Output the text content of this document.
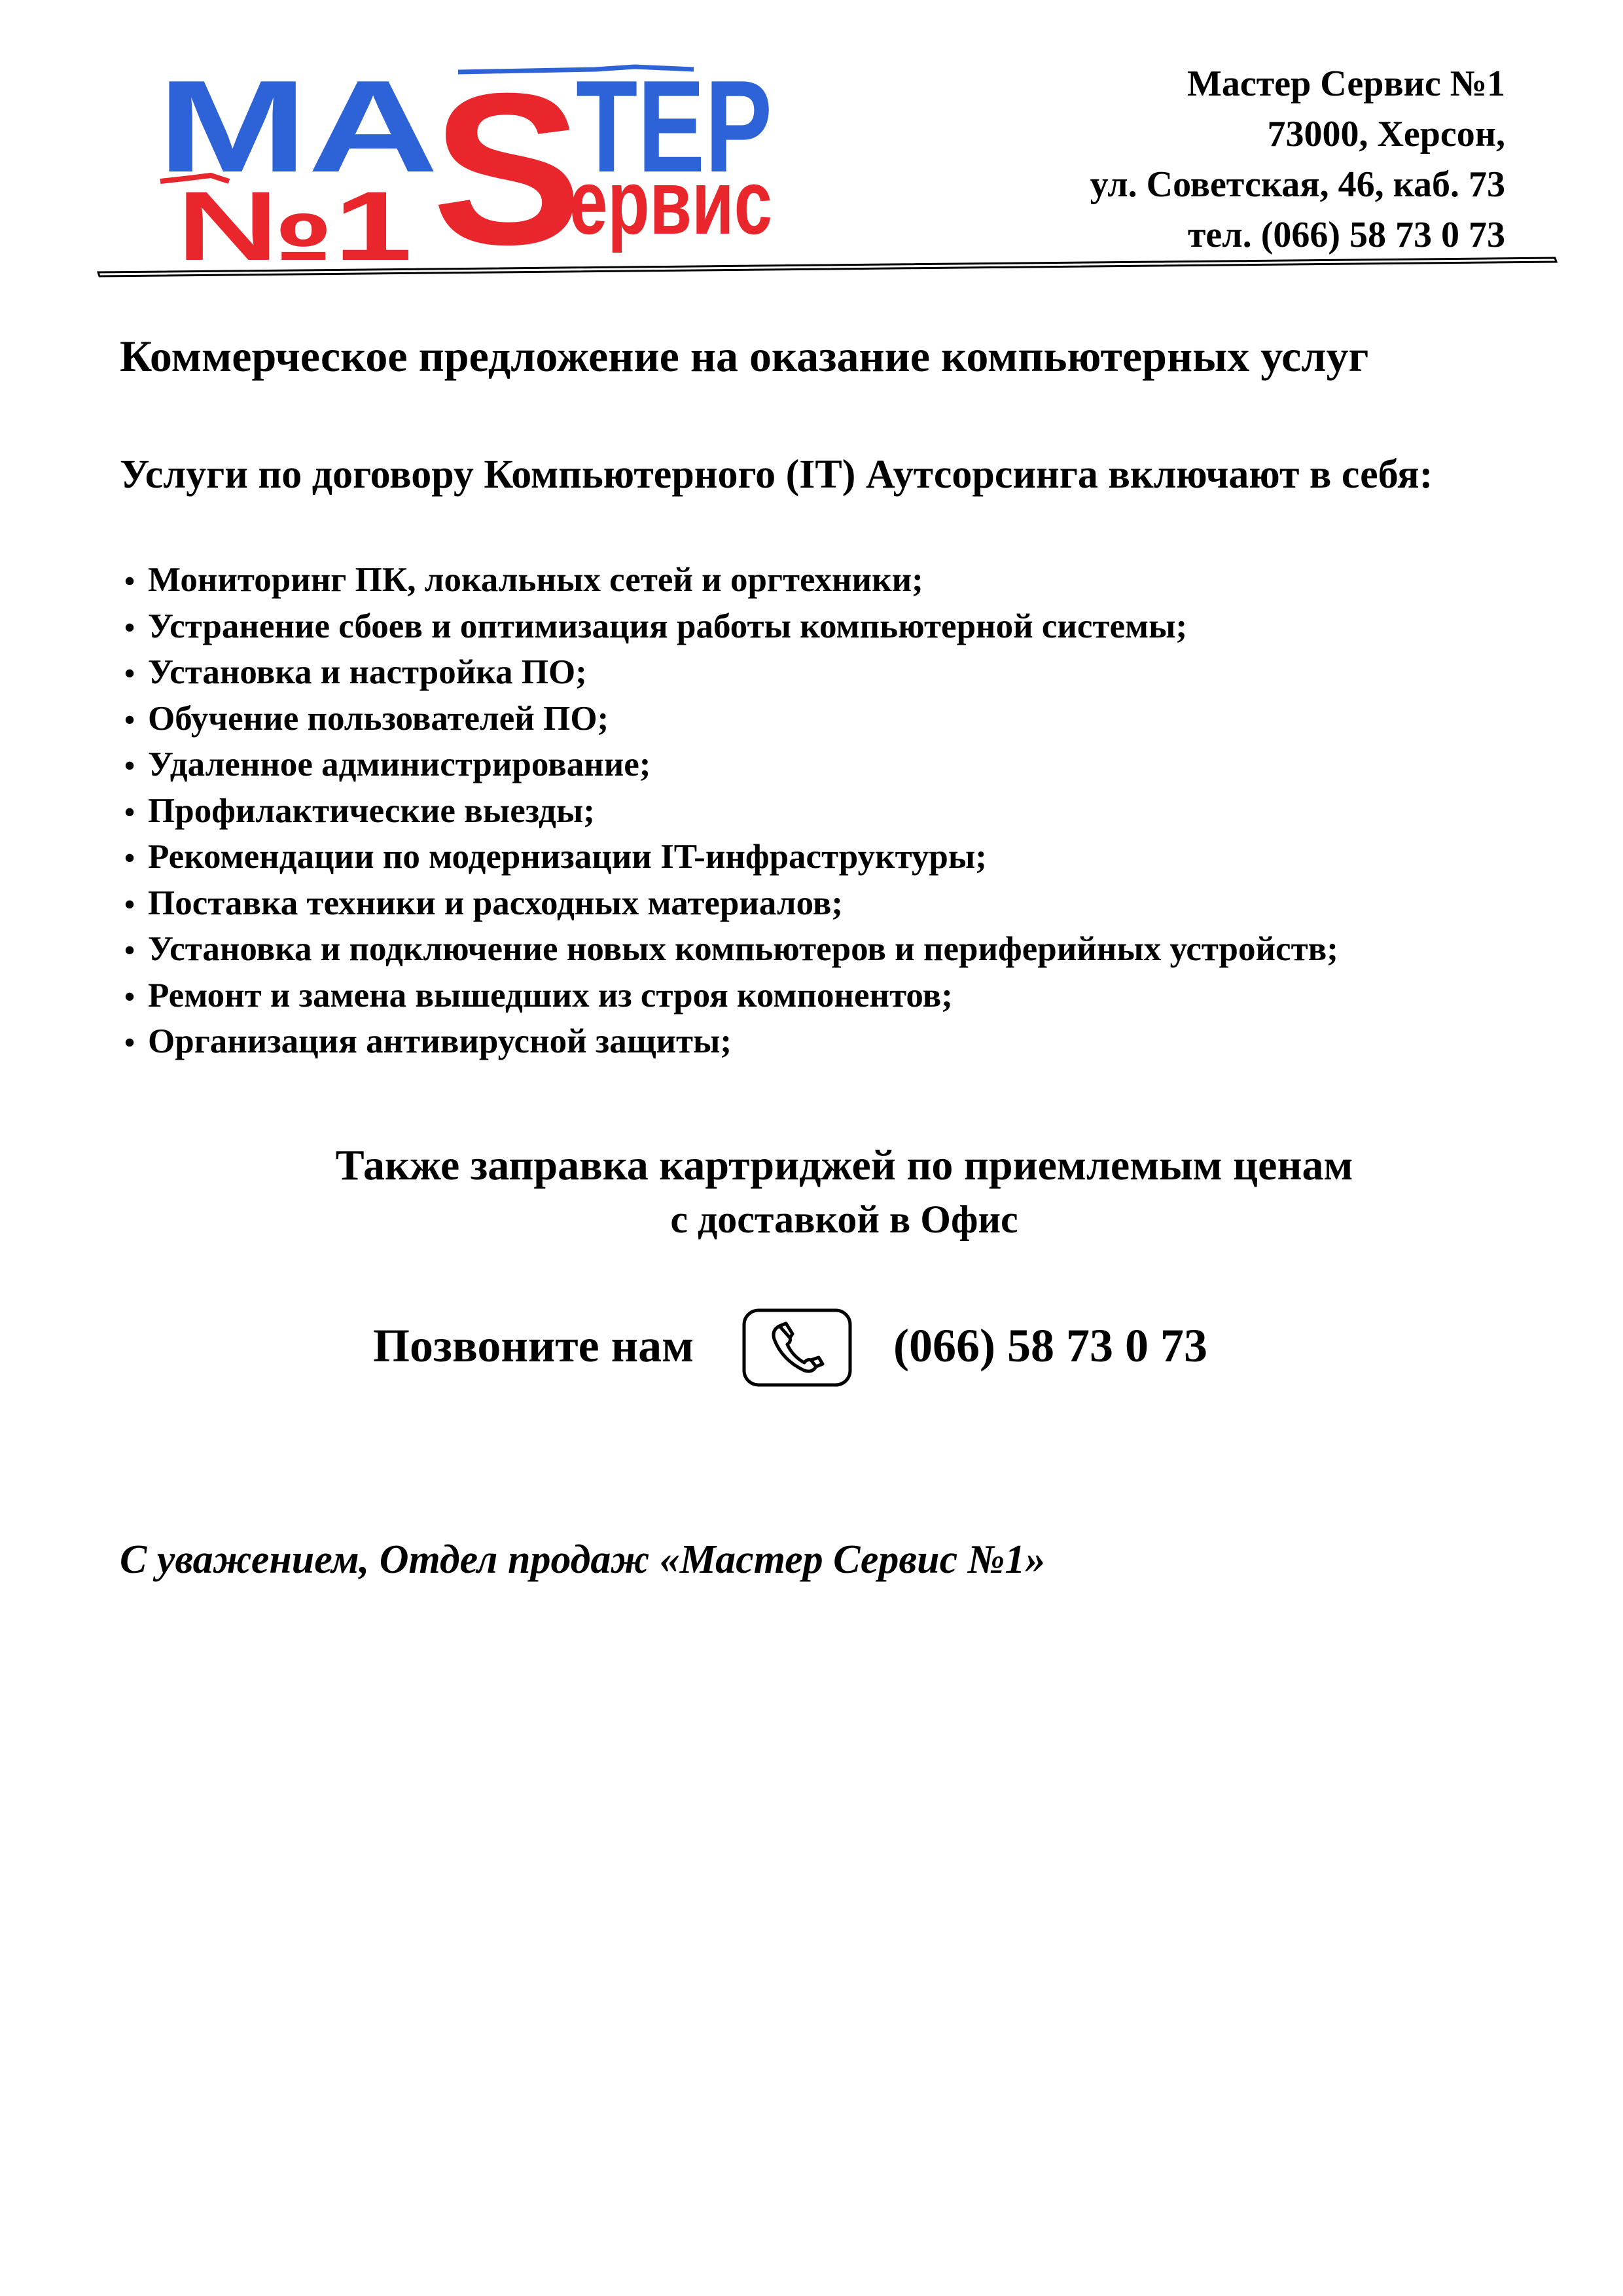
МА ТЕР
S
№1 ервис
Мастер Сервис №1
73000, Херсон,
ул. Советская, 46, каб. 73
тел. (066) 58 73 0 73
Коммерческое предложение на оказание компьютерных услуг
Услуги по договору Компьютерного (IT) Аутсорсинга включают в себя:
• Мониторинг ПК, локальных сетей и оргтехники;
• Устранение сбоев и оптимизация работы компьютерной системы;
• Установка и настройка ПО;
• Обучение пользователей ПО;
• Удаленное администрирование;
• Профилактические выезды;
• Рекомендации по модернизации IT-инфраструктуры;
• Поставка техники и расходных материалов;
• Установка и подключение новых компьютеров и периферийных устройств;
• Ремонт и замена вышедших из строя компонентов;
• Организация антивирусной защиты;
Также заправка картриджей по приемлемым ценам
с доставкой в Офис
Позвоните нам	(066) 58 73 0 73
С уважением, Отдел продаж «Мастер Сервис №1»
